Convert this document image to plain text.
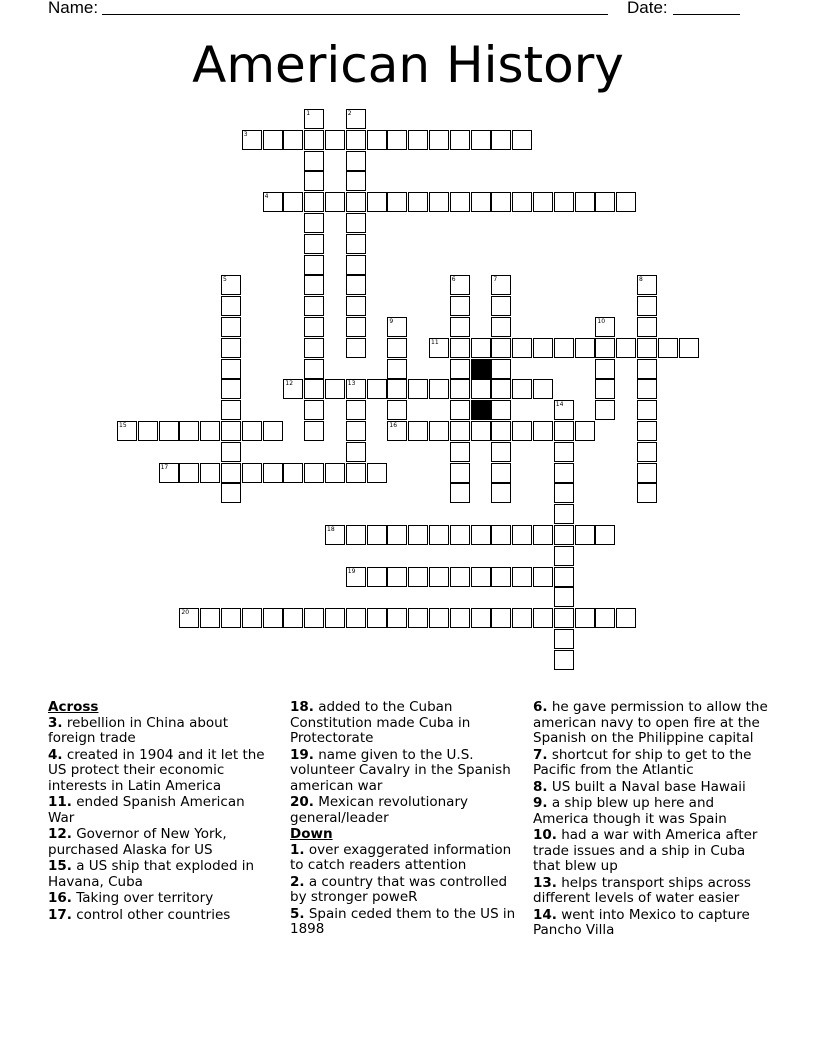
Name:	Date:
American History
1	2
3
4
5	6	7	8
9	10
11
12	13
14
15	16
17
18
19
20
Across
3. rebellion in China about foreign trade
4. created in 1904 and it let the US protect their economic interests in Latin America
11. ended Spanish American War
12. Governor of New York, purchased Alaska for US
15. a US ship that exploded in Havana, Cuba
16. Taking over territory
17. control other countries
18. added to the Cuban Constitution made Cuba in Protectorate
19. name given to the U.S. volunteer Cavalry in the Spanish american war
20. Mexican revolutionary general/leader
Down
1. over exaggerated information to catch readers attention
2. a country that was controlled by stronger poweR
5. Spain ceded them to the US in 1898
6. he gave permission to allow the american navy to open fire at the Spanish on the Philippine capital
7. shortcut for ship to get to the Pacific from the Atlantic
8. US built a Naval base Hawaii
9. a ship blew up here and America though it was Spain
10. had a war with America after trade issues and a ship in Cuba that blew up
13. helps transport ships across different levels of water easier
14. went into Mexico to capture Pancho Villa
